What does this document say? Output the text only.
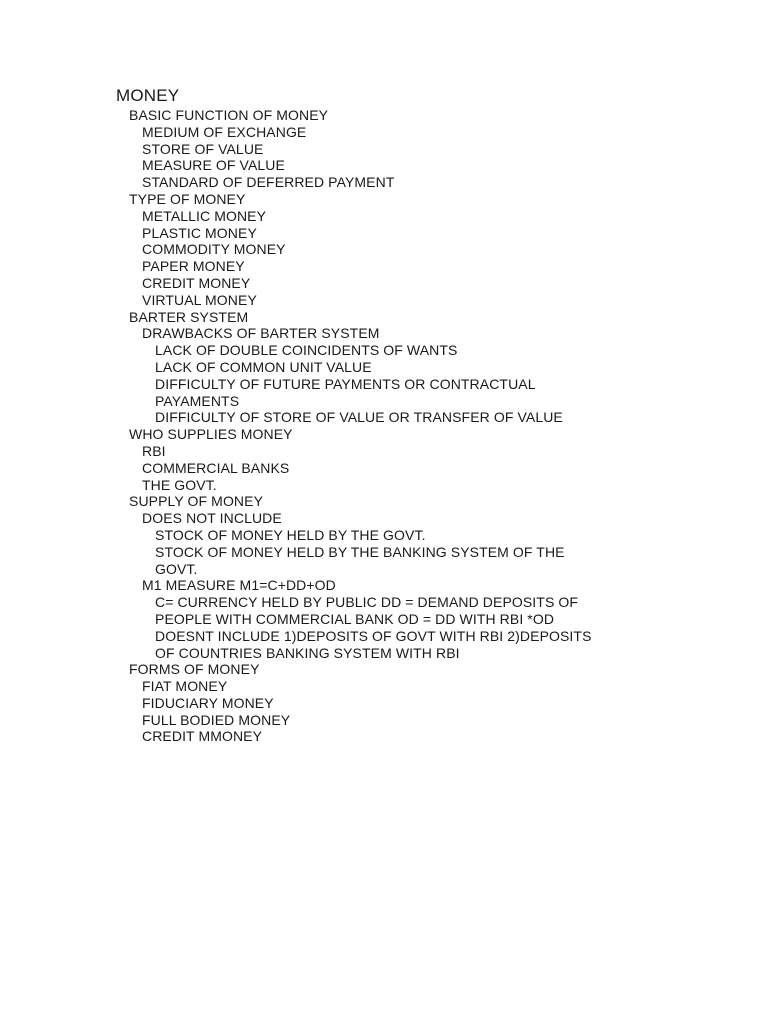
MONEY
BASIC FUNCTION OF MONEY
MEDIUM OF EXCHANGE
STORE OF VALUE
MEASURE OF VALUE
STANDARD OF DEFERRED PAYMENT
TYPE OF MONEY
METALLIC MONEY
PLASTIC MONEY
COMMODITY MONEY
PAPER MONEY
CREDIT MONEY
VIRTUAL MONEY
BARTER SYSTEM
DRAWBACKS OF BARTER SYSTEM
LACK OF DOUBLE COINCIDENTS OF WANTS
LACK OF COMMON UNIT VALUE
DIFFICULTY OF FUTURE PAYMENTS OR CONTRACTUAL
PAYAMENTS
DIFFICULTY OF STORE OF VALUE OR TRANSFER OF VALUE
WHO SUPPLIES MONEY
RBI
COMMERCIAL BANKS
THE GOVT.
SUPPLY OF MONEY
DOES NOT INCLUDE
STOCK OF MONEY HELD BY THE GOVT.
STOCK OF MONEY HELD BY THE BANKING SYSTEM OF THE
GOVT.
M1 MEASURE M1=C+DD+OD
C= CURRENCY HELD BY PUBLIC DD = DEMAND DEPOSITS OF
PEOPLE WITH COMMERCIAL BANK OD = DD WITH RBI *OD
DOESNT INCLUDE 1)DEPOSITS OF GOVT WITH RBI 2)DEPOSITS
OF COUNTRIES BANKING SYSTEM WITH RBI
FORMS OF MONEY
FIAT MONEY
FIDUCIARY MONEY
FULL BODIED MONEY
CREDIT MMONEY
